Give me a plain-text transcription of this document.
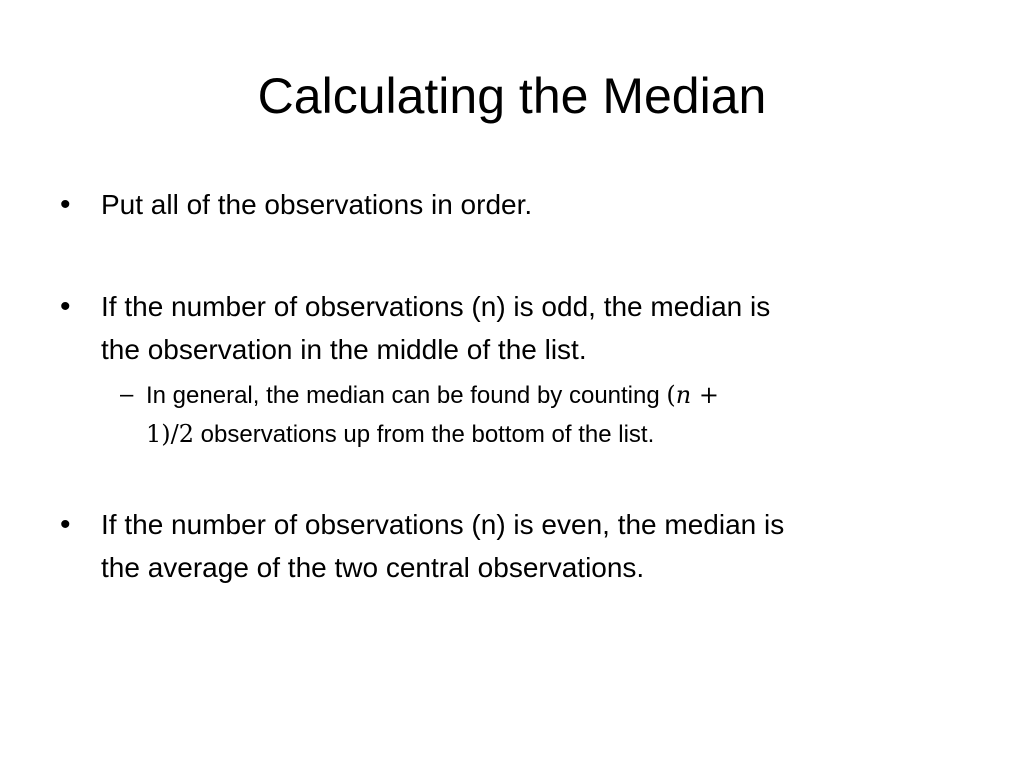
Calculating the Median
• Put all of the observations in order.
• If the number of observations (n) is odd, the median is
the observation in the middle of the list.
– In general, the median can be found by counting (n +
1)/2 observations up from the bottom of the list.
• If the number of observations (n) is even, the median is
the average of the two central observations.
